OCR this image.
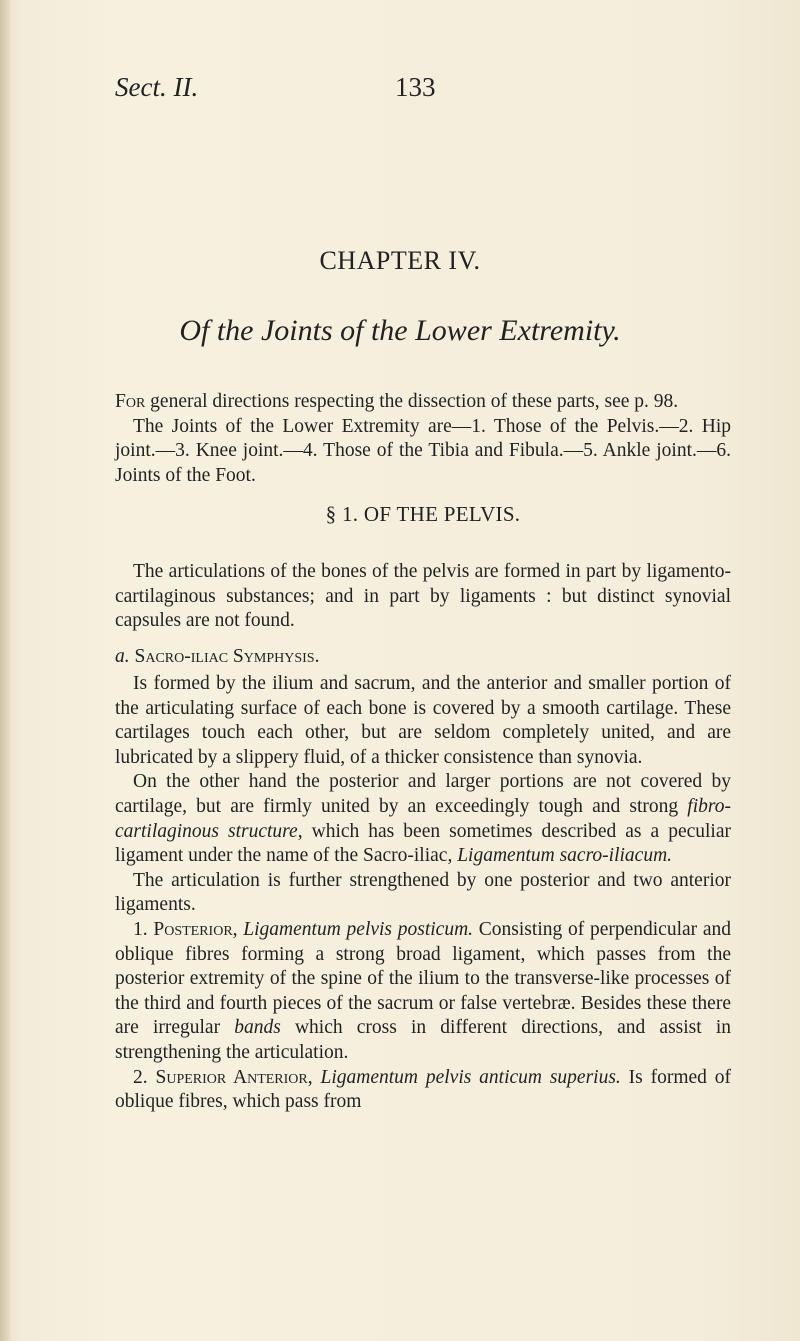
Sect. II.	133
CHAPTER IV.
Of the Joints of the Lower Extremity.

For general directions respecting the dissection of these parts, see p. 98.

The Joints of the Lower Extremity are—1. Those of the Pelvis.—2. Hip joint.—3. Knee joint.—4. Those of the Tibia and Fibula.—5. Ankle joint.—6. Joints of the Foot.

§ 1. OF THE PELVIS.

The articulations of the bones of the pelvis are formed in part by ligamento-cartilaginous substances; and in part by ligaments : but distinct synovial capsules are not found.

a. Sacro-iliac Symphysis.

Is formed by the ilium and sacrum, and the anterior and smaller portion of the articulating surface of each bone is covered by a smooth cartilage. These cartilages touch each other, but are seldom completely united, and are lubricated by a slippery fluid, of a thicker consistence than synovia.

On the other hand the posterior and larger portions are not covered by cartilage, but are firmly united by an exceedingly tough and strong fibro-cartilaginous structure, which has been sometimes described as a peculiar ligament under the name of the Sacro-iliac, Ligamentum sacro-iliacum.

The articulation is further strengthened by one posterior and two anterior ligaments.

1. Posterior, Ligamentum pelvis posticum. Consisting of perpendicular and oblique fibres forming a strong broad ligament, which passes from the posterior extremity of the spine of the ilium to the transverse-like processes of the third and fourth pieces of the sacrum or false vertebræ. Besides these there are irregular bands which cross in different directions, and assist in strengthening the articulation.

2. Superior Anterior, Ligamentum pelvis anticum superius. Is formed of oblique fibres, which pass from
